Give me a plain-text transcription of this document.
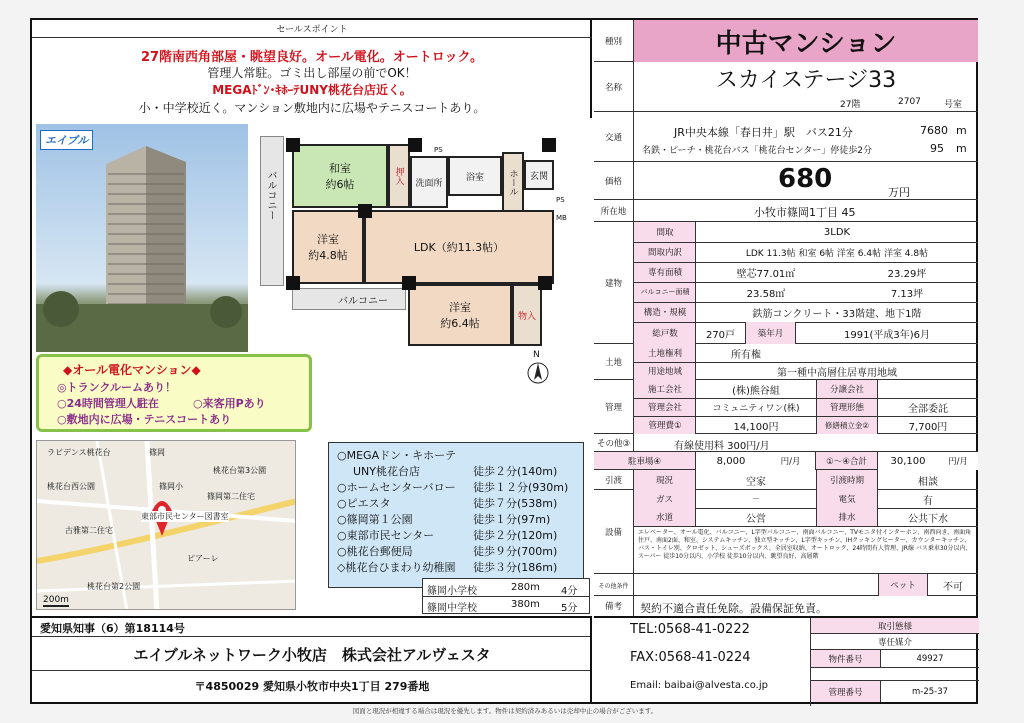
セールスポイント
27階南西角部屋・眺望良好。オール電化。オートロック。
管理人常駐。ゴミ出し部屋の前でOK！
MEGAﾄﾞﾝ･ｷﾎｰﾃUNY桃花台店近く。
小・中学校近く。マンション敷地内に広場やテニスコートあり。
エイブル
バルコニー
和室
約6帖	押入 洗面所
浴室	ホール 玄関
PS
PS
MB
洋室
約4.8帖
LDK（約11.3帖）
洋室
約6.4帖
物入
バルコニー
N
◆オール電化マンション◆
◎トランクルームあり！
○24時間管理人駐在	○来客用Pあり
○敷地内に広場・テニスコートあり
ラビデンス桃花台	篠岡
桃花台第3公園
桃花台西公園
篠岡第二住宅
篠岡小
古雅第二住宅
東部市民センター図書室
ピアーレ
桃花台第2公園
200m
○MEGAドン・キホーテ
UNY桃花台店	徒歩２分(140m)
○ホームセンターバロー 徒歩１２分(930m)
○ピエスタ	徒歩７分(538m)
○篠岡第１公園	徒歩１分(97m)
○東部市民センター	徒歩２分(120m)
○桃花台郵便局	徒歩９分(700m)
◇桃花台ひまわり幼稚園 徒歩３分(186m)
篠岡小学校	280m 4分
篠岡中学校	380m 5分
愛知県知事（6）第18114号
エイブルネットワーク小牧店　株式会社アルヴェスタ
〒4850029 愛知県小牧市中央1丁目 279番地
種別	中古マンション
名称	スカイステージ33
27階	2707	号室
交通	JR中央本線「春日井」駅　バス21分	7680 m
名鉄・ピーチ・桃花台バス「桃花台センター」停徒歩2分	95 m
価格	680	万円
所在地	小牧市篠岡1丁目 45
建物
間取	3LDK
間取内訳	LDK 11.3帖 和室 6帖 洋室 6.4帖 洋室 4.8帖
専有面積	壁芯77.01㎡	23.29坪
バルコニー面積	23.58㎡	7.13坪
構造・規模	鉄筋コンクリート・33階建、地下1階
総戸数	270戸	築年月	1991(平成3年)6月
土地
土地権利	所有権
用途地域	第一種中高層住居専用地域
管理
施工会社	(株)熊谷組	分譲会社
管理会社	コミュニティワン(株)	管理形態	全部委託
管理費①	14,100円	修繕積立金②	7,700円
その他③	有線使用料 300円/月
駐車場④	8,000	円/月	①～④合計	30,100	円/月
引渡	現況	空家	引渡時期	相談
設備
ガス	－	電気	有
水道	公営	排水	公共下水
エレベーター、オール電化、バルコニー、L字型バルコニー、南面バルコニー、TVモニタ付インターホン、南西向き、南面角住戸、南面2面、和室、システムキッチン、独立型キッチン、L字型キッチン、IHクッキングヒーター、カウンターキッチン、バス・トイレ別、クロゼット、シューズボックス、全居室収納、オートロック、24時間有人管理、JR線 バス乗車30分以内、スーパー 徒歩10分以内、小学校 徒歩10分以内、眺望良好、高層階
その他条件	ペット	不可
備考	契約不適合責任免除。設備保証免責。
TEL:0568-41-0222
FAX:0568-41-0224
Email: baibai@alvesta.co.jp
取引態様
専任媒介
物件番号	49927
管理番号	m-25-37
図面と現況が相違する場合は現況を優先します。物件は契約済みあるいは売却中止の場合がございます。
